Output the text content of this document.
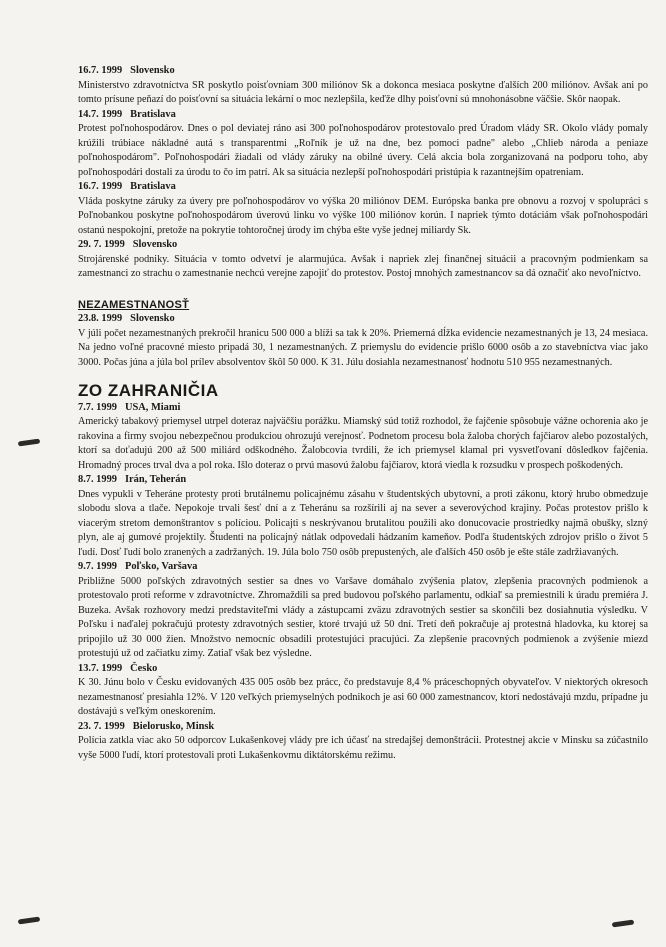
16.7. 1999 Slovensko
Ministerstvo zdravotníctva SR poskytlo poisťovniam 300 miliónov Sk a dokonca mesiaca poskytne ďalších 200 miliónov. Avšak ani po tomto prísune peňazí do poisťovní sa situácia lekární o moc nezlepšila, keďže dlhy poisťovní sú mnohonásobne väčšie. Skôr naopak.
14.7. 1999 Bratislava
Protest poľnohospodárov. Dnes o pol deviatej ráno asi 300 poľnohospodárov protestovalo pred Úradom vlády SR. Okolo vlády pomaly krúžili trúbiace nákladné autá s transparentmi „Roľník je už na dne, bez pomoci padne" alebo „Chlieb národa a peniaze poľnohospodárom". Poľnohospodári žiadali od vlády záruky na obilné úvery. Celá akcia bola zorganizovaná na podporu toho, aby poľnohospodári dostali za úrodu to čo im patrí. Ak sa situácia nezlepší poľnohospodári pristúpia k razantnejším opatreniam.
16.7. 1999 Bratislava
Vláda poskytne záruky za úvery pre poľnohospodárov vo výška 20 miliónov DEM. Európska banka pre obnovu a rozvoj v spolupráci s Poľnobankou poskytne poľnohospodárom úverovú linku vo výške 100 miliónov korún. I napriek týmto dotáciám však poľnohospodári ostanú nespokojní, pretože na pokrytie tohtoročnej úrody im chýba ešte vyše jednej miliardy Sk.
29. 7. 1999 Slovensko
Strojárenské podniky. Situácia v tomto odvetví je alarmujúca. Avšak i napriek zlej finančnej situácii a pracovným podmienkam sa zamestnanci zo strachu o zamestnanie nechcú verejne zapojiť do protestov. Postoj mnohých zamestnancov sa dá označiť ako nevoľníctvo.
NEZAMESTNANOSŤ
23.8. 1999 Slovensko
V júli počet nezamestnaných prekročil hranicu 500 000 a blíži sa tak k 20%. Priemerná dĺžka evidencie nezamestnaných je 13, 24 mesiaca. Na jedno voľné pracovné miesto pripadá 30, 1 nezamestnaných. Z priemyslu do evidencie prišlo 6000 osôb a zo stavebníctva viac jako 3000. Počas júna a júla bol prílev absolventov škôl 50 000. K 31. Júlu dosiahla nezamestnanosť hodnotu 510 955 nezamestnaných.
ZO ZAHRANIČIA
7.7. 1999 USA, Miami
Americký tabakový priemysel utrpel doteraz najväčšiu porážku. Miamský súd totiž rozhodol, že fajčenie spôsobuje vážne ochorenia ako je rakovina a firmy svojou nebezpečnou produkciou ohrozujú verejnosť. Podnetom procesu bola žaloba chorých fajčiarov alebo pozostalých, ktorí sa doťadujú 200 až 500 miliárd odškodného. Žalobcovia tvrdili, že ich priemysel klamal pri vysvetľovaní dôsledkov fajčenia. Hromadný proces trval dva a pol roka. Išlo doteraz o prvú masovú žalobu fajčiarov, ktorá viedla k rozsudku v prospech poškodených.
8.7. 1999 Irán, Teherán
Dnes vypukli v Teheráne protesty proti brutálnemu policajnému zásahu v študentských ubytovní, a proti zákonu, ktorý hrubo obmedzuje slobodu slova a tlače. Nepokoje trvali šesť dní a z Teheránu sa rozšírili aj na sever a severovýchod krajiny. Počas protestov prišlo k viacerým stretom demonštrantov s políciou. Policajti s neskrývanou brutalitou použili ako donucovacie prostriedky najmä obušky, slzný plyn, ale aj gumové projektily. Študenti na policajný nátlak odpovedali hádzaním kameňov. Podľa študentských zdrojov prišlo o život 5 ľudí. Dosť ľudí bolo zranených a zadržaných. 19. Júla bolo 750 osôb prepustených, ale ďalších 450 osôb je ešte stále zadržiavaných.
9.7. 1999 Poľsko, Varšava
Približne 5000 poľských zdravotných sestier sa dnes vo Varšave domáhalo zvýšenia platov, zlepšenia pracovných podmienok a protestovalo proti reforme v zdravotníctve. Zhromaždili sa pred budovou poľského parlamentu, odkiaľ sa premiestnili k úradu premiéra J. Buzeka. Avšak rozhovory medzi predstaviteľmi vlády a zástupcami zväzu zdravotných sestier sa skončili bez dosiahnutia výsledku. V Poľsku i naďalej pokračujú protesty zdravotných sestier, ktoré trvajú už 50 dní. Tretí deň pokračuje aj protestná hladovka, ku ktorej sa pripojilo už 30 000 žien. Množstvo nemocníc obsadili protestujúci pracujúci. Za zlepšenie pracovných podmienok a zvýšenie miezd protestujú už od začiatku zimy. Zatiaľ však bez výsledne.
13.7. 1999 Česko
K 30. Júnu bolo v Česku evidovaných 435 005 osôb bez prácc, čo predstavuje 8,4 % práceschopných obyvateľov. V niektorých okresoch nezamestnanosť presiahla 12%. V 120 veľkých priemyselných podnikoch je asi 60 000 zamestnancov, ktorí nedostávajú mzdu, prípadne ju dostávajú s veľkým oneskorením.
23. 7. 1999 Bielorusko, Minsk
Polícia zatkla viac ako 50 odporcov Lukašenkovej vlády pre ich účasť na stredajšej demonštrácii. Protestnej akcie v Minsku sa zúčastnilo vyše 5000 ľudí, ktorí protestovali proti Lukašenkovmu diktátorskému režimu.
